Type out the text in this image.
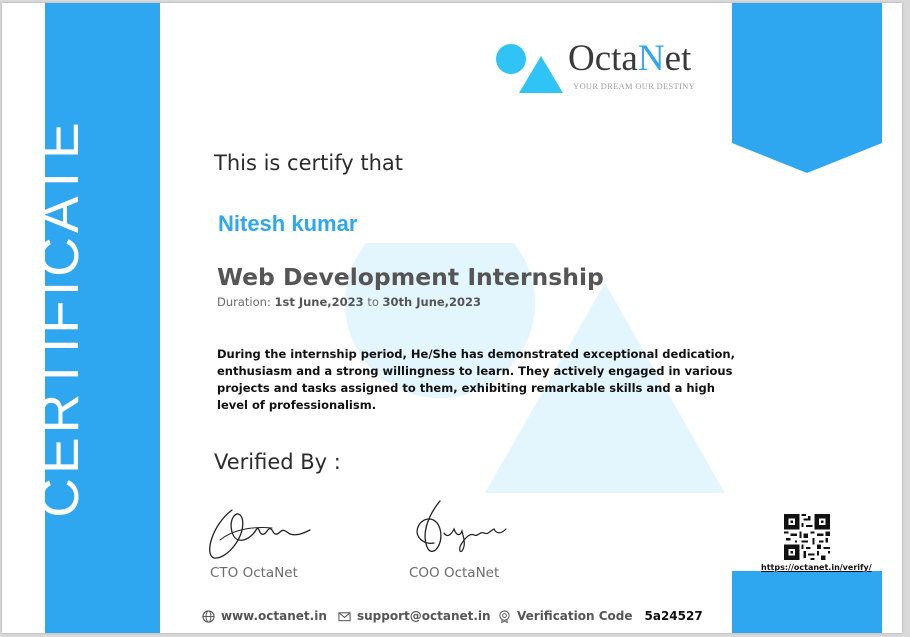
CERTIFICATE
OctaNet
YOUR DREAM OUR DESTINY
This is certify that
Nitesh kumar
Web Development Internship
Duration: 1st June,2023 to 30th June,2023
During the internship period, He/She has demonstrated exceptional dedication, enthusiasm and a strong willingness to learn. They actively engaged in various projects and tasks assigned to them, exhibiting remarkable skills and a high level of professionalism.
Verified By :
CTO OctaNet	COO OctaNet	https://octanet.in/verify/
www.octanet.in	support@octanet.in Verification Code 5a24527
